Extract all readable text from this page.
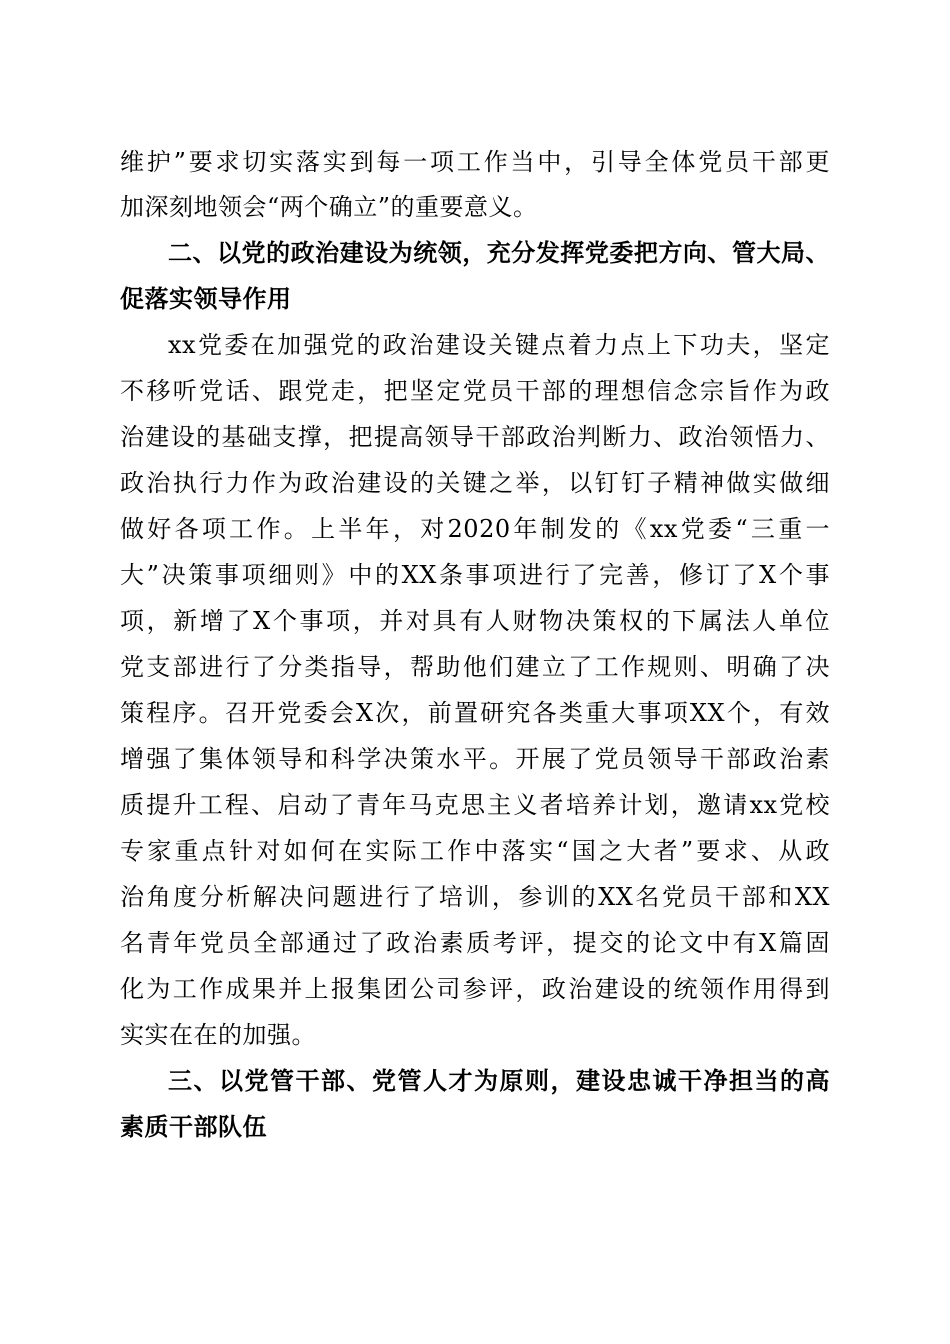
维护”要求切实落实到每一项工作当中，引导全体党员干部更
加深刻地领会“两个确立”的重要意义。
二、以党的政治建设为统领，充分发挥党委把方向、管大局、
促落实领导作用
xx党委在加强党的政治建设关键点着力点上下功夫，坚定
不移听党话、跟党走，把坚定党员干部的理想信念宗旨作为政
治建设的基础支撑，把提高领导干部政治判断力、政治领悟力、
政治执行力作为政治建设的关键之举，以钉钉子精神做实做细
做好各项工作。上半年，对2020年制发的《xx党委“三重一
大”决策事项细则》中的XX条事项进行了完善，修订了X个事
项，新增了X个事项，并对具有人财物决策权的下属法人单位
党支部进行了分类指导，帮助他们建立了工作规则、明确了决
策程序。召开党委会X次，前置研究各类重大事项XX个，有效
增强了集体领导和科学决策水平。开展了党员领导干部政治素
质提升工程、启动了青年马克思主义者培养计划，邀请xx党校
专家重点针对如何在实际工作中落实“国之大者”要求、从政
治角度分析解决问题进行了培训，参训的XX名党员干部和XX
名青年党员全部通过了政治素质考评，提交的论文中有X篇固
化为工作成果并上报集团公司参评，政治建设的统领作用得到
实实在在的加强。
三、以党管干部、党管人才为原则，建设忠诚干净担当的高
素质干部队伍
